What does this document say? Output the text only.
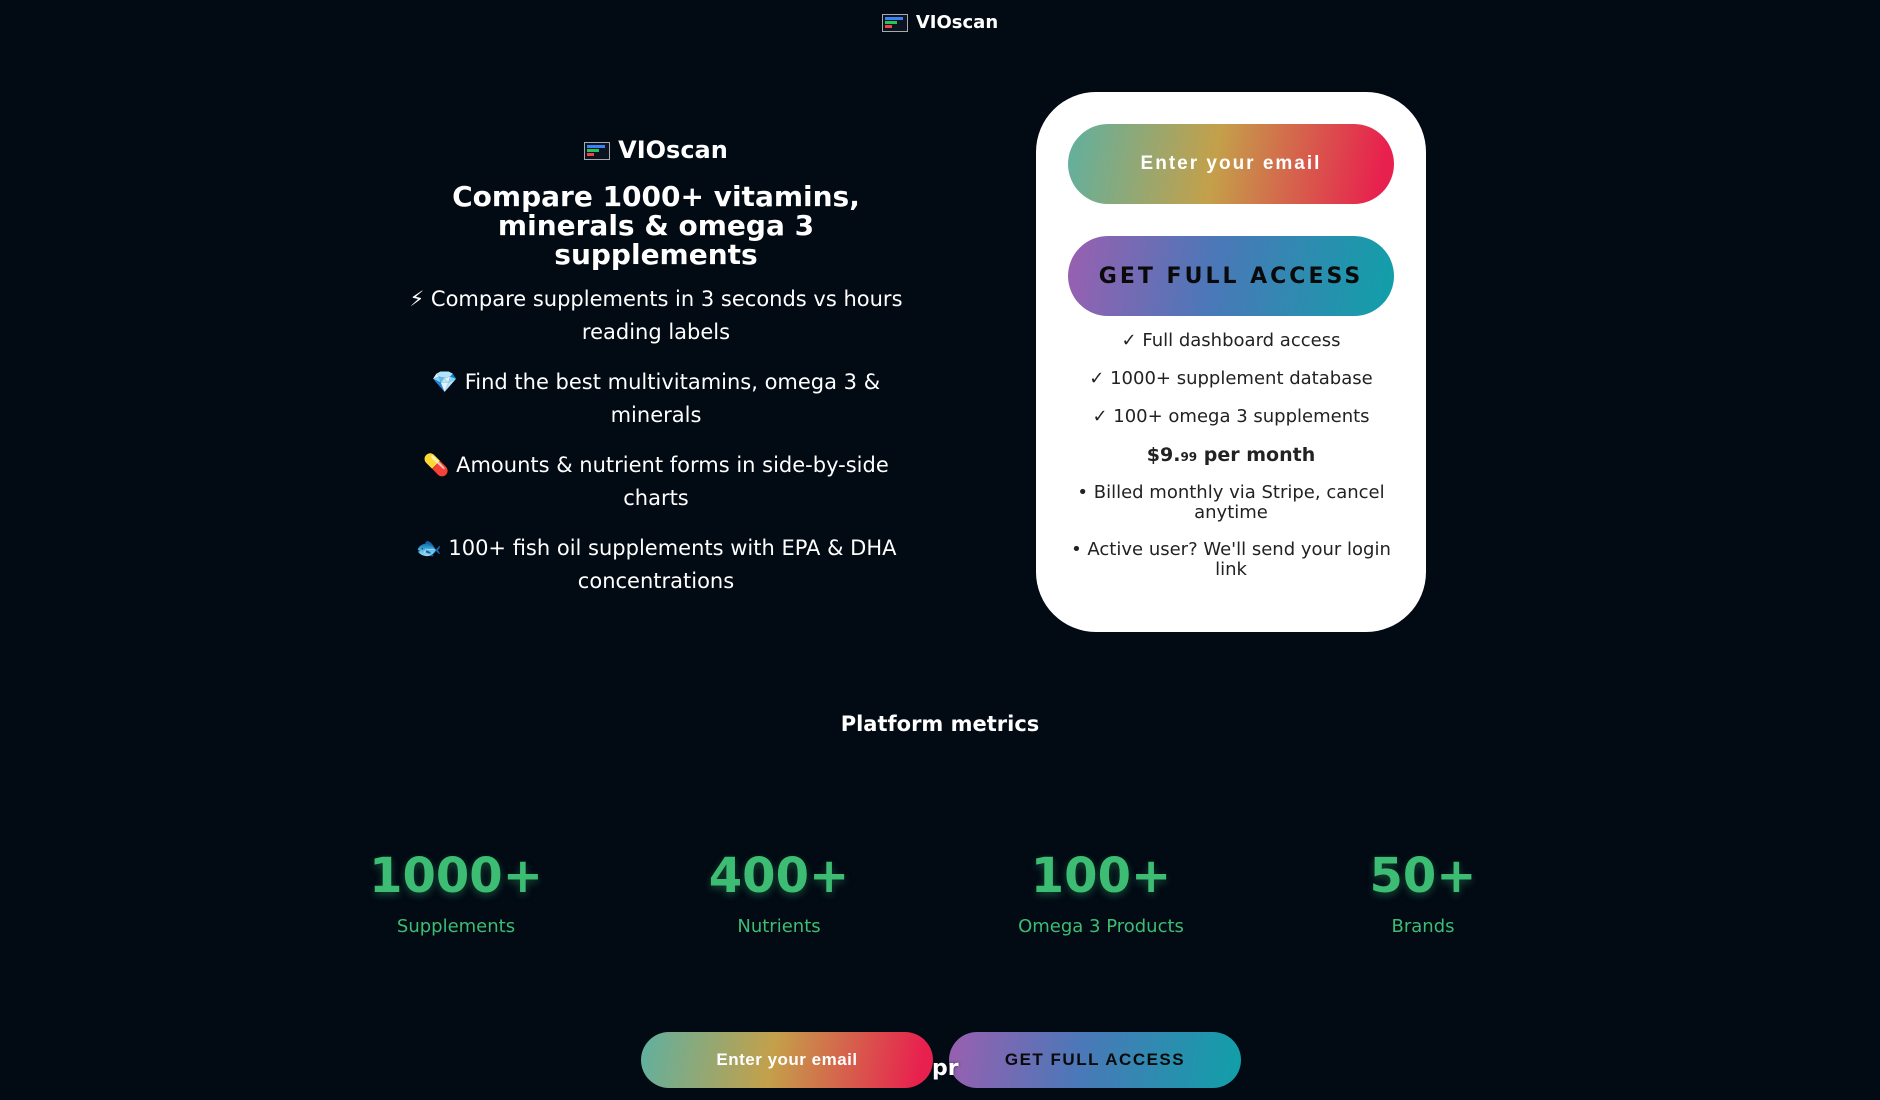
VIOscan
VIOscan
Compare 1000+ vitamins,
minerals & omega 3 supplements
⚡ Compare supplements in 3 seconds vs hours reading labels
💎 Find the best multivitamins, omega 3 & minerals
💊 Amounts & nutrient forms in side-by-side charts
🐟 100+ fish oil supplements with EPA & DHA concentrations
Enter your email
GET FULL ACCESS
✓ Full dashboard access
✓ 1000+ supplement database
✓ 100+ omega 3 supplements
$9.99 per month
• Billed monthly via Stripe, cancel anytime
• Active user? We'll send your login link
Platform metrics
1000+
Supplements
400+
Nutrients
100+
Omega 3 Products
50+
Brands
Enter your email	GET FULL ACCESS
pr
